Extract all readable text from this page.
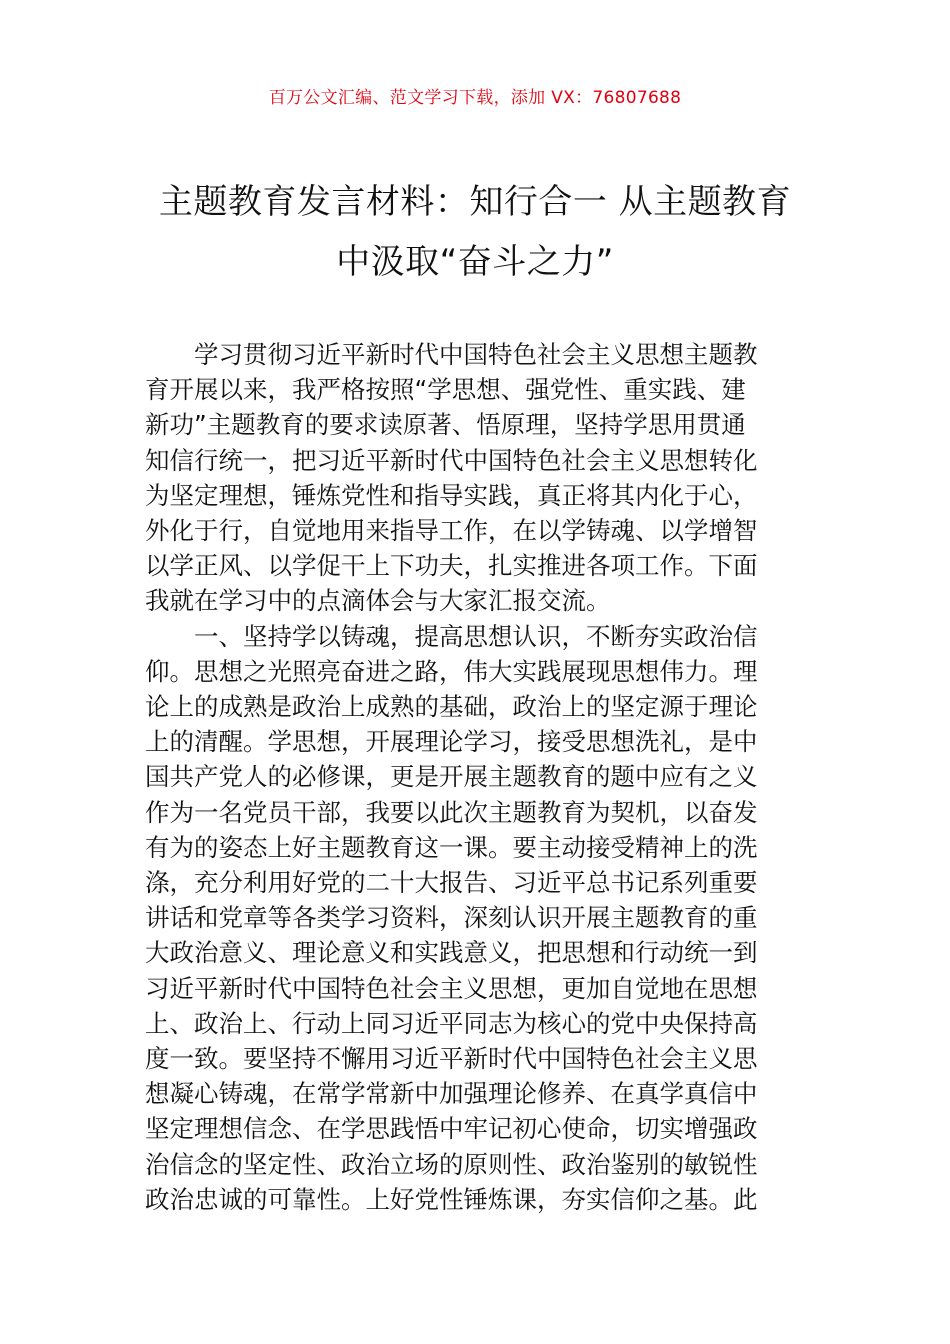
百万公文汇编、范文学习下载，添加 VX：76807688
主题教育发言材料：知行合一 从主题教育
中汲取“奋斗之力”
学习贯彻习近平新时代中国特色社会主义思想主题教
育开展以来，我严格按照“学思想、强党性、重实践、建
新功”主题教育的要求读原著、悟原理，坚持学思用贯通
知信行统一，把习近平新时代中国特色社会主义思想转化
为坚定理想，锤炼党性和指导实践，真正将其内化于心，
外化于行，自觉地用来指导工作，在以学铸魂、以学增智
以学正风、以学促干上下功夫，扎实推进各项工作。下面
我就在学习中的点滴体会与大家汇报交流。
一、坚持学以铸魂，提高思想认识，不断夯实政治信
仰。思想之光照亮奋进之路，伟大实践展现思想伟力。理
论上的成熟是政治上成熟的基础，政治上的坚定源于理论
上的清醒。学思想，开展理论学习，接受思想洗礼，是中
国共产党人的必修课，更是开展主题教育的题中应有之义
作为一名党员干部，我要以此次主题教育为契机，以奋发
有为的姿态上好主题教育这一课。要主动接受精神上的洗
涤，充分利用好党的二十大报告、习近平总书记系列重要
讲话和党章等各类学习资料，深刻认识开展主题教育的重
大政治意义、理论意义和实践意义，把思想和行动统一到
习近平新时代中国特色社会主义思想，更加自觉地在思想
上、政治上、行动上同习近平同志为核心的党中央保持高
度一致。要坚持不懈用习近平新时代中国特色社会主义思
想凝心铸魂，在常学常新中加强理论修养、在真学真信中
坚定理想信念、在学思践悟中牢记初心使命，切实增强政
治信念的坚定性、政治立场的原则性、政治鉴别的敏锐性
政治忠诚的可靠性。上好党性锤炼课，夯实信仰之基。此
